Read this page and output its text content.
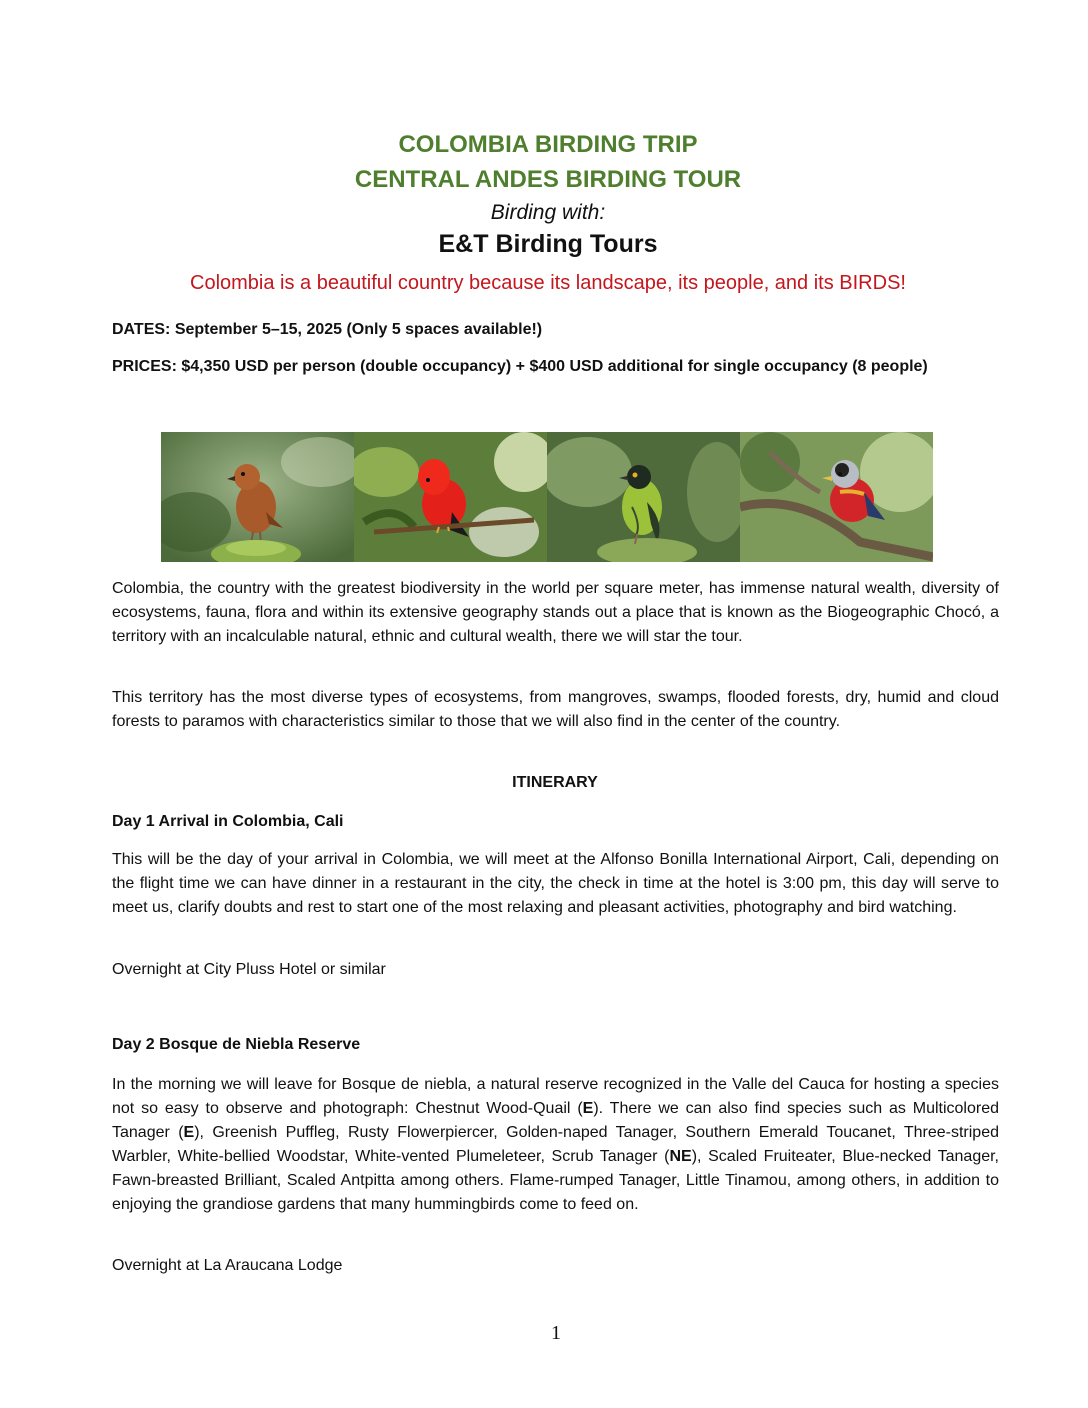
COLOMBIA BIRDING TRIP
CENTRAL ANDES BIRDING TOUR
Birding with:
E&T Birding Tours
Colombia is a beautiful country because its landscape, its people, and its BIRDS!
DATES: September 5–15, 2025 (Only 5 spaces available!)
PRICES: $4,350 USD per person (double occupancy) + $400 USD additional for single occupancy (8 people)

Colombia, the country with the greatest biodiversity in the world per square meter, has immense natural wealth, diversity of ecosystems, fauna, flora and within its extensive geography stands out a place that is known as the Biogeographic Chocó, a territory with an incalculable natural, ethnic and cultural wealth, there we will star the tour.

This territory has the most diverse types of ecosystems, from mangroves, swamps, flooded forests, dry, humid and cloud forests to paramos with characteristics similar to those that we will also find in the center of the country.

ITINERARY
Day 1 Arrival in Colombia, Cali

This will be the day of your arrival in Colombia, we will meet at the Alfonso Bonilla International Airport, Cali, depending on the flight time we can have dinner in a restaurant in the city, the check in time at the hotel is 3:00 pm, this day will serve to meet us, clarify doubts and rest to start one of the most relaxing and pleasant activities, photography and bird watching.

Overnight at City Pluss Hotel or similar

Day 2 Bosque de Niebla Reserve

In the morning we will leave for Bosque de niebla, a natural reserve recognized in the Valle del Cauca for hosting a species not so easy to observe and photograph: Chestnut Wood-Quail (E). There we can also find species such as Multicolored Tanager (E), Greenish Puffleg, Rusty Flowerpiercer, Golden-naped Tanager, Southern Emerald Toucanet, Three-striped Warbler, White-bellied Woodstar, White-vented Plumeleteer, Scrub Tanager (NE), Scaled Fruiteater, Blue-necked Tanager, Fawn-breasted Brilliant, Scaled Antpitta among others. Flame-rumped Tanager, Little Tinamou, among others, in addition to enjoying the grandiose gardens that many hummingbirds come to feed on.

Overnight at La Araucana Lodge

1
